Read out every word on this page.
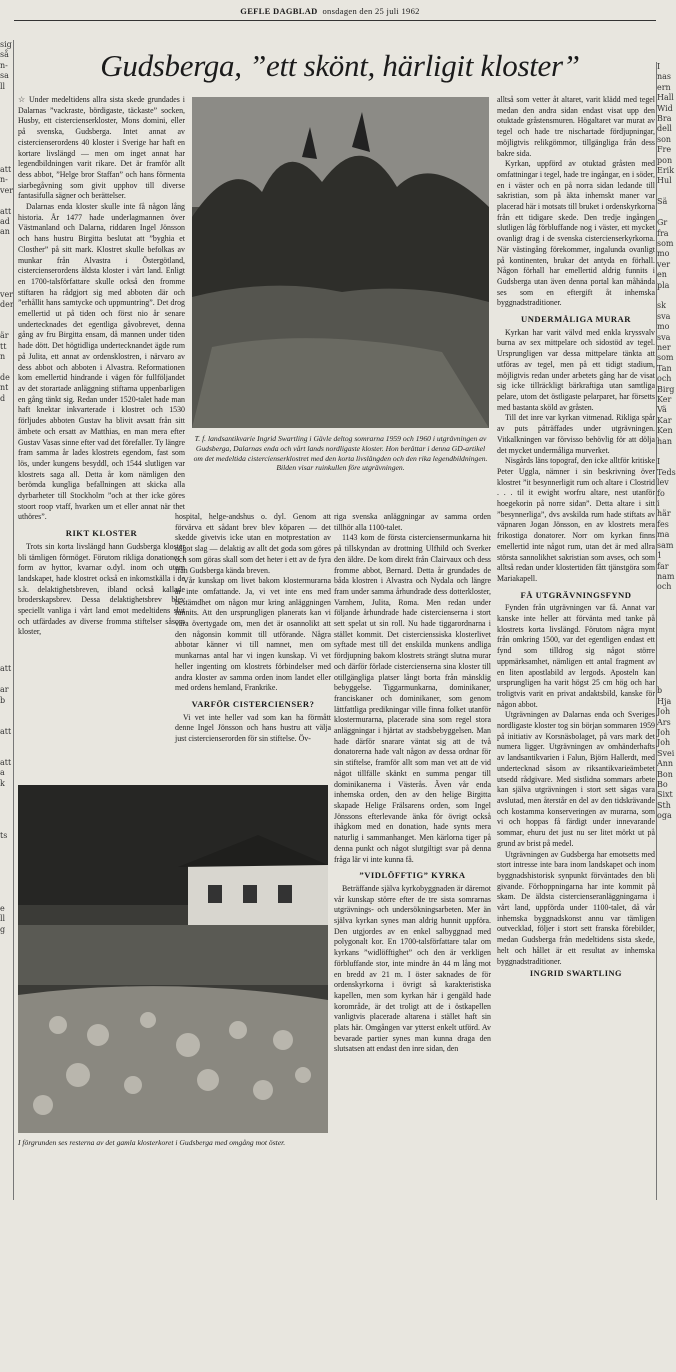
GEFLE DAGBLAD onsdagen den 25 juli 1962
sig
så
n-
sa
ll

att
n-
ver

att
ad
an

ver
der

är
tt
n

de
nt
d

att

ar
b

att

att
a
k

ts

e
ll
g

Gudsberga, ”ett skönt, härligit kloster”

☆ Under medeltidens allra sista skede grundades i Dalarnas ”vackraste, bördigaste, täckaste” socken, Husby, ett cistercienserkloster, Mons domini, eller på svenska, Gudsberga. Intet annat av cistercienserordens 40 kloster i Sverige har haft en kortare livslängd — men om inget annat har legendbildningen varit rikare. Det är framför allt dess abbot, ”Helge bror Staffan” och hans förmenta siarbegåvning som givit upphov till diverse fantasifulla sägner och berättelser.

Dalarnas enda kloster skulle inte få någon lång historia. År 1477 hade underlagmannen över Västmanland och Dalarna, riddaren Ingel Jönsson och hans hustru Birgitta beslutat att ”byghia et Closther” på sitt mark. Klostret skulle befolkas av munkar från Alvastra i Östergötland, cistercienserordens äldsta kloster i vårt land. Enligt en 1700-talsförfattare skulle också den fromme stiftaren ha rådgjort sig med abboten där och ”erhållit hans samtycke och uppmuntring”. Det drog emellertid ut på tiden och först nio år senare undertecknades det egentliga gåvobrevet, denna gång av fru Birgitta ensam, då mannen under tiden hade dött. Det högtidliga undertecknandet ägde rum på Julita, ett annat av ordensklostren, i närvaro av dess abbot och abboten i Alvastra. Reformationen kom emellertid hindrande i vägen för fullföljandet av det storartade anläggning stiftarna uppenbarligen en gång tänkt sig. Redan under 1520-talet hade man haft knektar inkvarterade i klostret och 1530 förljudes abboten Gustav ha blivit avsatt från sitt ämbete och ersatt av Matthias, en man mera efter Gustav Vasas sinne efter vad det förefaller. Ty längre fram samma år lades klostrets egendom, fast som lös, under kungens besyddl, och 1544 slutligen var klostrets saga all. Detta år kom nämligen den berömda kungliga befallningen att skicka alla dyrbarheter till Stockholm ”och at ther icke göres stoort roop vtaff, hvarken um et eller annat när thet uthöres”.

RIKT KLOSTER

Trots sin korta livslängd hann Gudsberga kloster bli tämligen förmöget. Förutom rikliga donationer i form av hyttor, kvarnar o.dyl. inom och utom landskapet, hade klostret också en inkomstkälla i de s.k. delaktighetsbreven, ibland också kallade broderskapsbrev. Dessa delaktighetsbrev blev speciellt vanliga i vårt land emot medeltidens slut och utfärdades av diverse fromma stiftelser såsom kloster,

T. f. landsantikvarie Ingrid Swartling i Gävle deltog somrarna 1959 och 1960 i utgrävningen av Gudsberga, Dalarnas enda och vårt lands nordligaste kloster. Hon berättar i denna GD-artikel om det medeltida cistercienserklostret med den korta livslängden och den rika legendbildningen.
Bilden visar ruinkullen före utgrävningen.

hospital, helge-andshus o. dyl. Genom att förvärva ett sådant brev blev köparen — det skedde givetvis icke utan en motprestation av något slag — delaktig av allt det goda som göres och som göras skall som det heter i ett av de fyra från Gudsberga kända breven.

Vår kunskap om livet bakom klostermurarna är inte omfattande. Ja, vi vet inte ens med bestämdhet om någon mur kring anläggningen funnits. Att den ursprungligen planerats kan vi vara övertygade om, men det är osannolikt att den någonsin kommit till utförande. Några abbotar känner vi till namnet, men om munkarnas antal har vi ingen kunskap. Vi vet heller ingenting om klostrets förbindelser med andra kloster av samma orden inom landet eller med ordens hemland, Frankrike.

VARFÖR CISTERCIENSER?

Vi vet inte heller vad som kan ha förmått denne Ingel Jönsson och hans hustru att välja just cistercienserorden för sin stiftelse. Öv-

riga svenska anläggningar av samma orden tillhör alla 1100-talet.

1143 kom de första cisterciensermunkarna hit på tillskyndan av drottning Ulfhild och Sverker den äldre. De kom direkt från Clairvaux och dess fromme abbot, Bernard. Detta år grundades de båda klostren i Alvastra och Nydala och längre fram under samma århundrade dess dotterkloster, Varnhem, Julita, Roma. Men redan under följande århundrade hade cistercienserna i stort sett spelat ut sin roll. Nu hade tiggarordnarna i stället kommit. Det cistercienssiska klosterlivet syftade mest till det enskilda munkens andliga fördjupning bakom klostrets strängt slutna murar och därför förlade cistercienserna sina kloster till otillgängliga platser långt borta från mänsklig bebyggelse. Tiggarmunkarna, dominikaner, franciskaner och dominikaner, som genom lättfattliga predikningar ville finna folket utanför klostermurarna, placerade sina som regel stora anläggningar i hjärtat av stadsbebyggelsen. Man hade därför snarare väntat sig att de två donatorerna hade valt någon av dessa ordnar för sin stiftelse, framför allt som man vet att de vid något tillfälle skänkt en summa pengar till dominikanerna i Västerås. Även vår enda inhemska orden, den av den helige Birgitta skapade Helige Frälsarens orden, som Ingel Jönssons efterlevande änka för övrigt också ihågkom med en donation, hade synts mera naturlig i sammanhanget. Men kärlorna tiger på denna punkt och något slutgiltigt svar på denna fråga lär vi inte kunna få.

”VIDLÖFFTIG” KYRKA

Beträffande själva kyrkobyggnaden är däremot vår kunskap större efter de tre sista somrarnas utgrävnings- och undersökningsarbeten. Mer än själva kyrkan synes man aldrig hunnit uppföra. Den utgjordes av en enkel salbyggnad med polygonalt kor. En 1700-talsförfattare talar om kyrkans ”widlöfftighet” och den är verkligen förbluffande stor, inte mindre än 44 m lång mot en bredd av 21 m. I öster saknades de för ordenskyrkorna i övrigt så karakteristiska kapellen, men som kyrkan här i gengäld hade korområde, är det troligt att de i östkapellen vanligtvis placerade altarena i stället haft sin plats här. Omgången var ytterst enkelt utförd. Av bevarade partier synes man kunna draga den slutsatsen att endast den inre sidan, den

I förgrunden ses resterna av det gamla klosterkoret i Gudsberga med omgång mot öster.

alltså som vetter åt altaret, varit klädd med tegel medan den andra sidan endast visat upp den otuktade gråstensmuren. Högaltaret var murat av tegel och hade tre nischartade fördjupningar, möjligtvis relikgömmor, tillgängliga från dess bakre sida.

Kyrkan, uppförd av otuktad gråsten med omfattningar i tegel, hade tre ingångar, en i söder, en i väster och en på norra sidan ledande till sakristian, som på äkta inhemskt maner var placerad här i motsats till bruket i ordenskyrkorna från ett tidigare skede. Den tredje ingången slutligen låg förbluffande nog i väster, ett mycket ovanligt drag i de svenska cistercienserkyrkorna. När västingång förekommer, ingalunda ovanligt på kontinenten, brukar det antyda en förhall. Någon förhall har emellertid aldrig funnits i Gudsberga utan även denna portal kan måhända ses som en eftergift åt inhemska byggnadstraditioner.

UNDERMÅLIGA MURAR

Kyrkan har varit välvd med enkla kryssvalv burna av sex mittpelare och sidostöd av tegel. Ursprungligen var dessa mittpelare tänkta att utföras av tegel, men på ett tidigt stadium, möjligtvis redan under arbetets gång har de visat sig icke tillräckligt bärkraftiga utan samtliga pelare, utom det östligaste pelarparet, har försetts med bastanta sköld av gråsten.

Till det inre var kyrkan vitmenad. Rikliga spår av puts påträffades under utgrävningen. Vitkalkningen var förvisso behövlig för att dölja det mycket undermåliga murverket.

Nisgårds läns topograf, den icke alltför kritiske Peter Uggla, nämner i sin beskrivning över klostret ”it besynnerligit rum och altare i Clostrid . . . til it ewight worfru altare, nest utanför hoegekorin på norre sidan”. Detta altare i sitt ”besynnerliga”, dvs avskilda rum hade stiftats av väpnaren Jogan Jönsson, en av klostrets mera frikostiga donatorer. Norr om kyrkan finns emellertid inte något rum, utan det är med allra största sannolikhet sakristian som avses, och som alltså redan under klostertiden fått tjänstgöra som Mariakapell.

FÅ UTGRÄVNINGSFYND

Fynden från utgrävningen var få. Annat var kanske inte heller att förvänta med tanke på klostrets korta livslängd. Förutom några mynt från omkring 1500, var det egentligen endast ett fynd som tilldrog sig något större uppmärksamhet, nämligen ett antal fragment av en liten apostlabild av lergods. Aposteln kan ursprungligen ha varit högst 25 cm hög och har troligtvis varit en privat andaktsbild, kanske för någon abbot.

Utgrävningen av Dalarnas enda och Sveriges nordligaste kloster tog sin början sommaren 1959 på initiativ av Korsnäsbolaget, på vars mark det numera ligger. Utgrävningen av omhänderhafts av landsantikvarien i Falun, Björn Hallerdt, med undertecknad såsom av riksantikvarieämbetet utsedd rådgivare. Med sistlidna sommars arbete kan själva utgrävningen i stort sett sägas vara avslutad, men återstår en del av den tidskrävande och kostamma konserveringen av murarna, som vi och hoppas få färdigt under innevarande sommar, ehuru det just nu ser litet mörkt ut på grund av brist på medel.

Utgrävningen av Gudsberga har emotsetts med stort intresse inte bara inom landskapet och inom byggnadshistorisk synpunkt förväntades den bli givande. Förhoppningarna har inte kommit på skam. De äldsta cistercienseranläggningarna i vårt land, uppförda under 1100-talet, då vår inhemska byggnadskonst annu var tämligen outvecklad, följer i stort sett franska förebilder, medan Gudsberga från medeltidens sista skede, helt och hållet är ett resultat av inhemska byggnadstraditioner.

INGRID SWARTLING
I
nas
ern
Hall
Wid
Bra
dell
son
Fre
pon
Erik
Hul

Sä

Gr
fra
som
mo
ver
en
pla

sk
sva
mo
sva
ner
som
Tan
och
Birg
Ker
Vä
Kar
Ken
han

I
Teds
lev
fo
i
här
fes
ma
sam
1
far
nam
och

b
Hja
Joh
Ars
Joh
Joh
Svei
Ann
Bon
Bo
Sixt
Sth
oga
